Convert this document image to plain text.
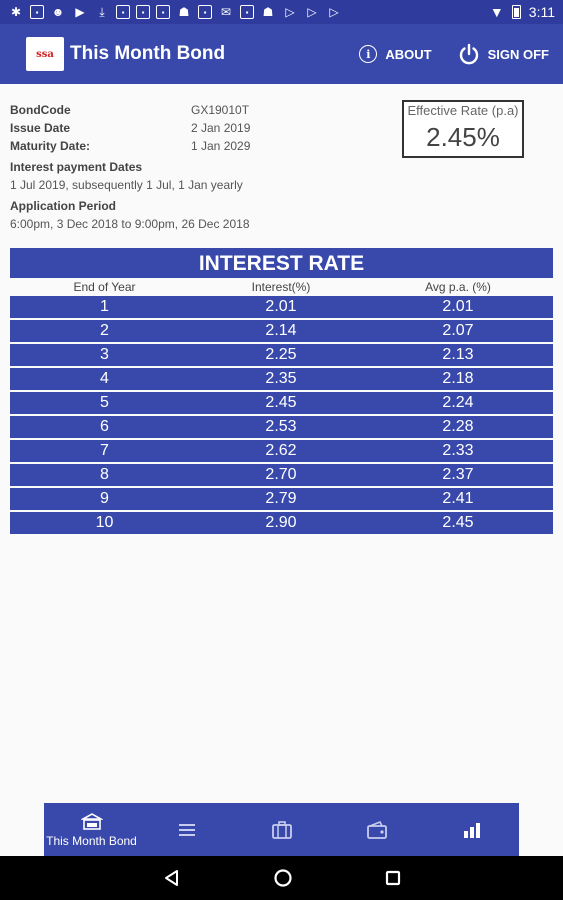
✱	▪	☻ ▶	⤓	▪	▪	▪	☗	▪	✉	▪	☗ ▷ ▷ ▷	▼ 3:11
ssa This Month Bond	i	ABOUT	SIGN OFF
BondCode	GX19010T
Issue Date	2 Jan 2019
Maturity Date:	1 Jan 2029
Interest payment Dates
1 Jul 2019, subsequently 1 Jul, 1 Jan yearly
Application Period
6:00pm, 3 Dec 2018 to 9:00pm, 26 Dec 2018
Effective Rate (p.a)
2.45%
INTEREST RATE
End of Year	Interest(%)	Avg p.a. (%)
1	2.01	2.01
2	2.14	2.07
3	2.25	2.13
4	2.35	2.18
5	2.45	2.24
6	2.53	2.28
7	2.62	2.33
8	2.70	2.37
9	2.79	2.41
10	2.90	2.45
This Month Bond
